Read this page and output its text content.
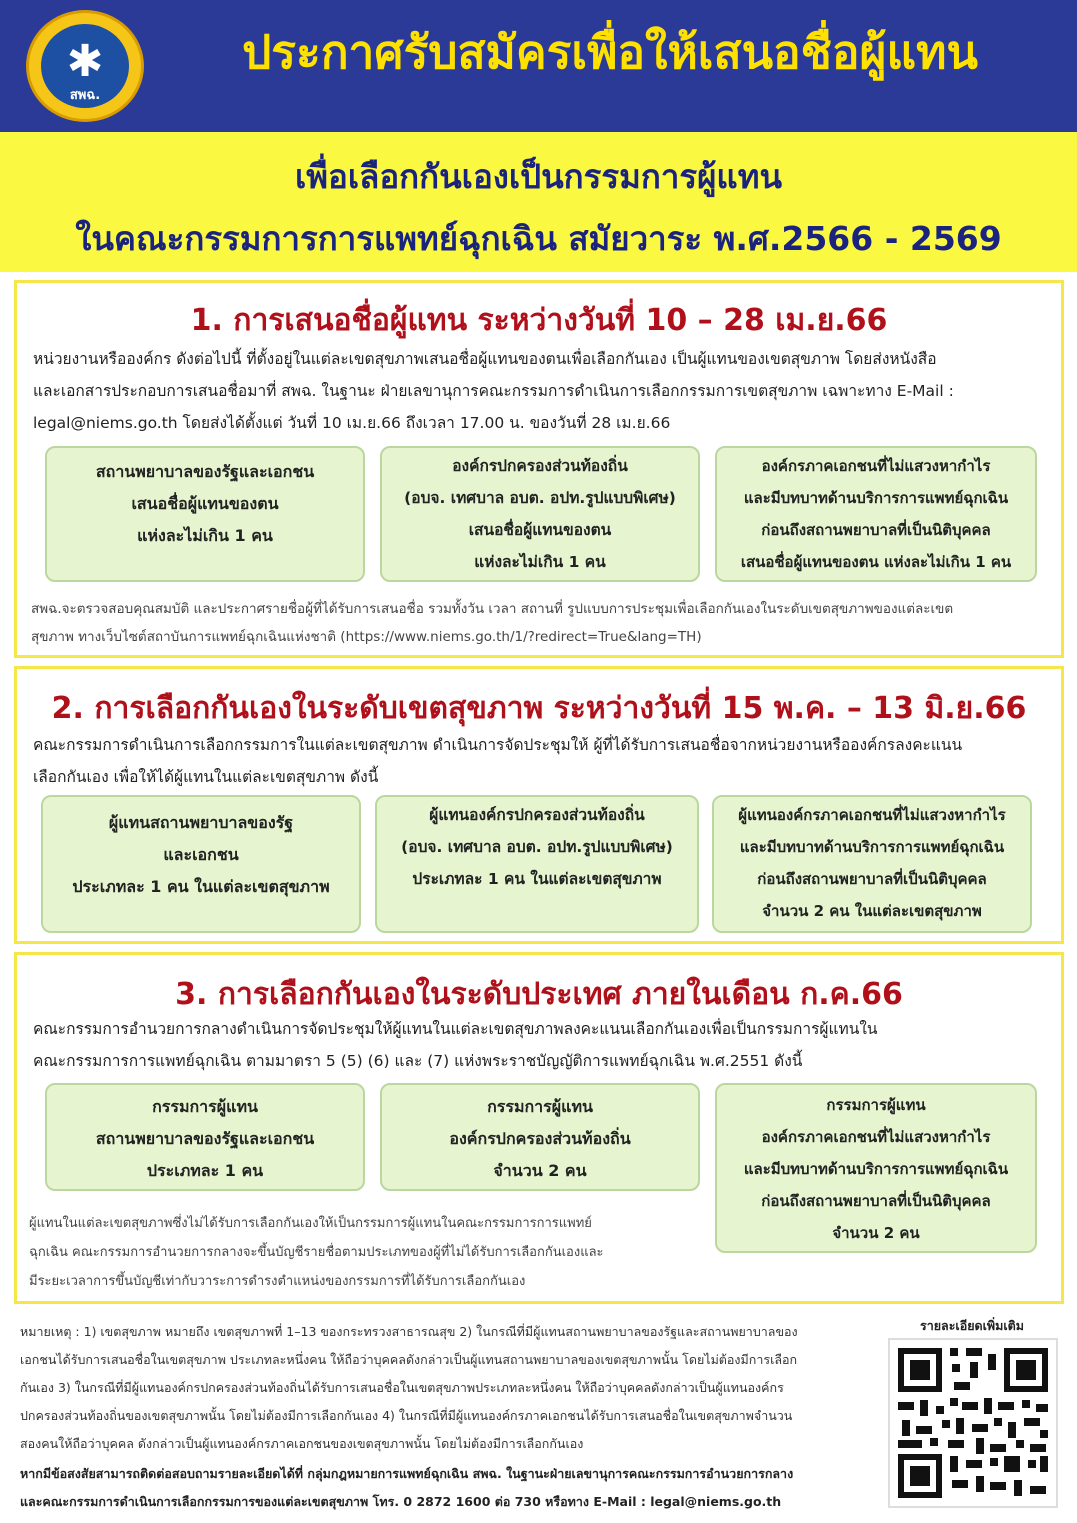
✱
สพฉ.
ประกาศรับสมัครเพื่อให้เสนอชื่อผู้แทน
เพื่อเลือกกันเองเป็นกรรมการผู้แทน
ในคณะกรรมการการแพทย์ฉุกเฉิน สมัยวาระ พ.ศ.2566 - 2569
1. การเสนอชื่อผู้แทน ระหว่างวันที่ 10 – 28 เม.ย.66
หน่วยงานหรือองค์กร ดังต่อไปนี้ ที่ตั้งอยู่ในแต่ละเขตสุขภาพเสนอชื่อผู้แทนของตนเพื่อเลือกกันเอง เป็นผู้แทนของเขตสุขภาพ โดยส่งหนังสือ
และเอกสารประกอบการเสนอชื่อมาที่ สพฉ. ในฐานะ ฝ่ายเลขานุการคณะกรรมการดำเนินการเลือกกรรมการเขตสุขภาพ เฉพาะทาง E-Mail :
legal@niems.go.th โดยส่งได้ตั้งแต่ วันที่ 10 เม.ย.66 ถึงเวลา 17.00 น. ของวันที่ 28 เม.ย.66
สถานพยาบาลของรัฐและเอกชน
เสนอชื่อผู้แทนของตน
แห่งละไม่เกิน 1 คน
องค์กรปกครองส่วนท้องถิ่น
(อบจ. เทศบาล อบต. อปท.รูปแบบพิเศษ)
เสนอชื่อผู้แทนของตน
แห่งละไม่เกิน 1 คน
องค์กรภาคเอกชนที่ไม่แสวงหากำไร
และมีบทบาทด้านบริการการแพทย์ฉุกเฉิน
ก่อนถึงสถานพยาบาลที่เป็นนิติบุคคล
เสนอชื่อผู้แทนของตน แห่งละไม่เกิน 1 คน
สพฉ.จะตรวจสอบคุณสมบัติ และประกาศรายชื่อผู้ที่ได้รับการเสนอชื่อ รวมทั้งวัน เวลา สถานที่ รูปแบบการประชุมเพื่อเลือกกันเองในระดับเขตสุขภาพของแต่ละเขต
สุขภาพ ทางเว็บไซต์สถาบันการแพทย์ฉุกเฉินแห่งชาติ (https://www.niems.go.th/1/?redirect=True&lang=TH)
2. การเลือกกันเองในระดับเขตสุขภาพ ระหว่างวันที่ 15 พ.ค. – 13 มิ.ย.66
คณะกรรมการดำเนินการเลือกกรรมการในแต่ละเขตสุขภาพ ดำเนินการจัดประชุมให้ ผู้ที่ได้รับการเสนอชื่อจากหน่วยงานหรือองค์กรลงคะแนน
เลือกกันเอง เพื่อให้ได้ผู้แทนในแต่ละเขตสุขภาพ ดังนี้
ผู้แทนสถานพยาบาลของรัฐ
และเอกชน
ประเภทละ 1 คน ในแต่ละเขตสุขภาพ
ผู้แทนองค์กรปกครองส่วนท้องถิ่น
(อบจ. เทศบาล อบต. อปท.รูปแบบพิเศษ)
ประเภทละ 1 คน ในแต่ละเขตสุขภาพ
ผู้แทนองค์กรภาคเอกชนที่ไม่แสวงหากำไร
และมีบทบาทด้านบริการการแพทย์ฉุกเฉิน
ก่อนถึงสถานพยาบาลที่เป็นนิติบุคคล
จำนวน 2 คน ในแต่ละเขตสุขภาพ
3. การเลือกกันเองในระดับประเทศ ภายในเดือน ก.ค.66
คณะกรรมการอำนวยการกลางดำเนินการจัดประชุมให้ผู้แทนในแต่ละเขตสุขภาพลงคะแนนเลือกกันเองเพื่อเป็นกรรมการผู้แทนใน
คณะกรรมการการแพทย์ฉุกเฉิน ตามมาตรา 5 (5) (6) และ (7) แห่งพระราชบัญญัติการแพทย์ฉุกเฉิน พ.ศ.2551 ดังนี้
กรรมการผู้แทน
สถานพยาบาลของรัฐและเอกชน
ประเภทละ 1 คน
กรรมการผู้แทน
องค์กรปกครองส่วนท้องถิ่น
จำนวน 2 คน
กรรมการผู้แทน
องค์กรภาคเอกชนที่ไม่แสวงหากำไร
และมีบทบาทด้านบริการการแพทย์ฉุกเฉิน
ก่อนถึงสถานพยาบาลที่เป็นนิติบุคคล
จำนวน 2 คน
ผู้แทนในแต่ละเขตสุขภาพซึ่งไม่ได้รับการเลือกกันเองให้เป็นกรรมการผู้แทนในคณะกรรมการการแพทย์
ฉุกเฉิน คณะกรรมการอำนวยการกลางจะขึ้นบัญชีรายชื่อตามประเภทของผู้ที่ไม่ได้รับการเลือกกันเองและ
มีระยะเวลาการขึ้นบัญชีเท่ากับวาระการดำรงตำแหน่งของกรรมการที่ได้รับการเลือกกันเอง
หมายเหตุ : 1) เขตสุขภาพ หมายถึง เขตสุขภาพที่ 1–13 ของกระทรวงสาธารณสุข 2) ในกรณีที่มีผู้แทนสถานพยาบาลของรัฐและสถานพยาบาลของ
เอกชนได้รับการเสนอชื่อในเขตสุขภาพ ประเภทละหนึ่งคน ให้ถือว่าบุคคลดังกล่าวเป็นผู้แทนสถานพยาบาลของเขตสุขภาพนั้น โดยไม่ต้องมีการเลือก
กันเอง 3) ในกรณีที่มีผู้แทนองค์กรปกครองส่วนท้องถิ่นได้รับการเสนอชื่อในเขตสุขภาพประเภทละหนึ่งคน ให้ถือว่าบุคคลดังกล่าวเป็นผู้แทนองค์กร
ปกครองส่วนท้องถิ่นของเขตสุขภาพนั้น โดยไม่ต้องมีการเลือกกันเอง 4) ในกรณีที่มีผู้แทนองค์กรภาคเอกชนได้รับการเสนอชื่อในเขตสุขภาพจำนวน
สองคนให้ถือว่าบุคคล ดังกล่าวเป็นผู้แทนองค์กรภาคเอกชนของเขตสุขภาพนั้น โดยไม่ต้องมีการเลือกกันเอง
หากมีข้อสงสัยสามารถติดต่อสอบถามรายละเอียดได้ที่ กลุ่มกฎหมายการแพทย์ฉุกเฉิน สพฉ. ในฐานะฝ่ายเลขานุการคณะกรรมการอำนวยการกลาง
และคณะกรรมการดำเนินการเลือกกรรมการของแต่ละเขตสุขภาพ โทร. 0 2872 1600 ต่อ 730 หรือทาง E-Mail : legal@niems.go.th
รายละเอียดเพิ่มเติม
